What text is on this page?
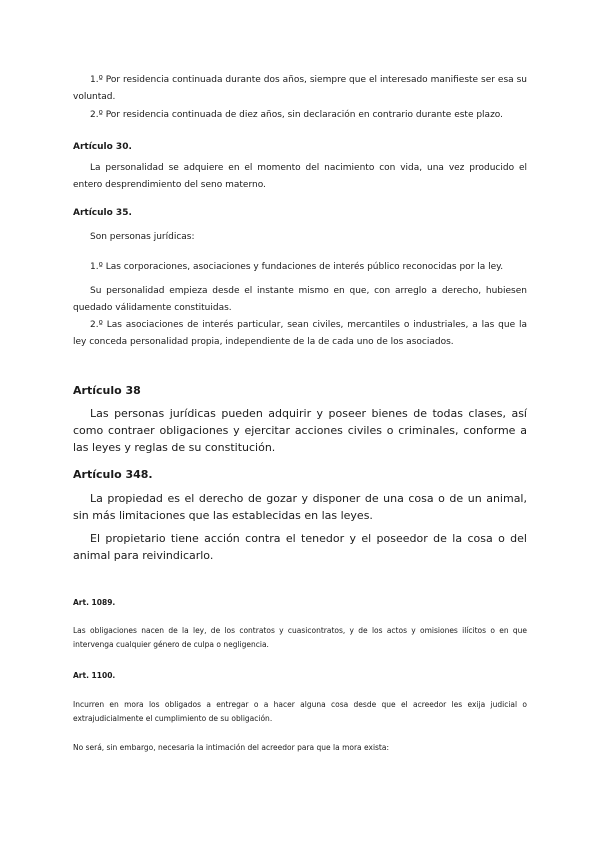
1.º Por residencia continuada durante dos años, siempre que el interesado manifieste ser esa su voluntad.

2.º Por residencia continuada de diez años, sin declaración en contrario durante este plazo.

Artículo 30.

La personalidad se adquiere en el momento del nacimiento con vida, una vez producido el entero desprendimiento del seno materno.

Artículo 35.

Son personas jurídicas:

1.º Las corporaciones, asociaciones y fundaciones de interés público reconocidas por la ley.

Su personalidad empieza desde el instante mismo en que, con arreglo a derecho, hubiesen quedado válidamente constituidas.

2.º Las asociaciones de interés particular, sean civiles, mercantiles o industriales, a las que la ley conceda personalidad propia, independiente de la de cada uno de los asociados.

Artículo 38

Las personas jurídicas pueden adquirir y poseer bienes de todas clases, así como contraer obligaciones y ejercitar acciones civiles o criminales, conforme a las leyes y reglas de su constitución.

Artículo 348.

La propiedad es el derecho de gozar y disponer de una cosa o de un animal, sin más limitaciones que las establecidas en las leyes.

El propietario tiene acción contra el tenedor y el poseedor de la cosa o del animal para reivindicarlo.

Art. 1089.

Las obligaciones nacen de la ley, de los contratos y cuasicontratos, y de los actos y omisiones ilícitos o en que intervenga cualquier género de culpa o negligencia.

Art. 1100.

Incurren en mora los obligados a entregar o a hacer alguna cosa desde que el acreedor les exija judicial o extrajudicialmente el cumplimiento de su obligación.

No será, sin embargo, necesaria la intimación del acreedor para que la mora exista:
